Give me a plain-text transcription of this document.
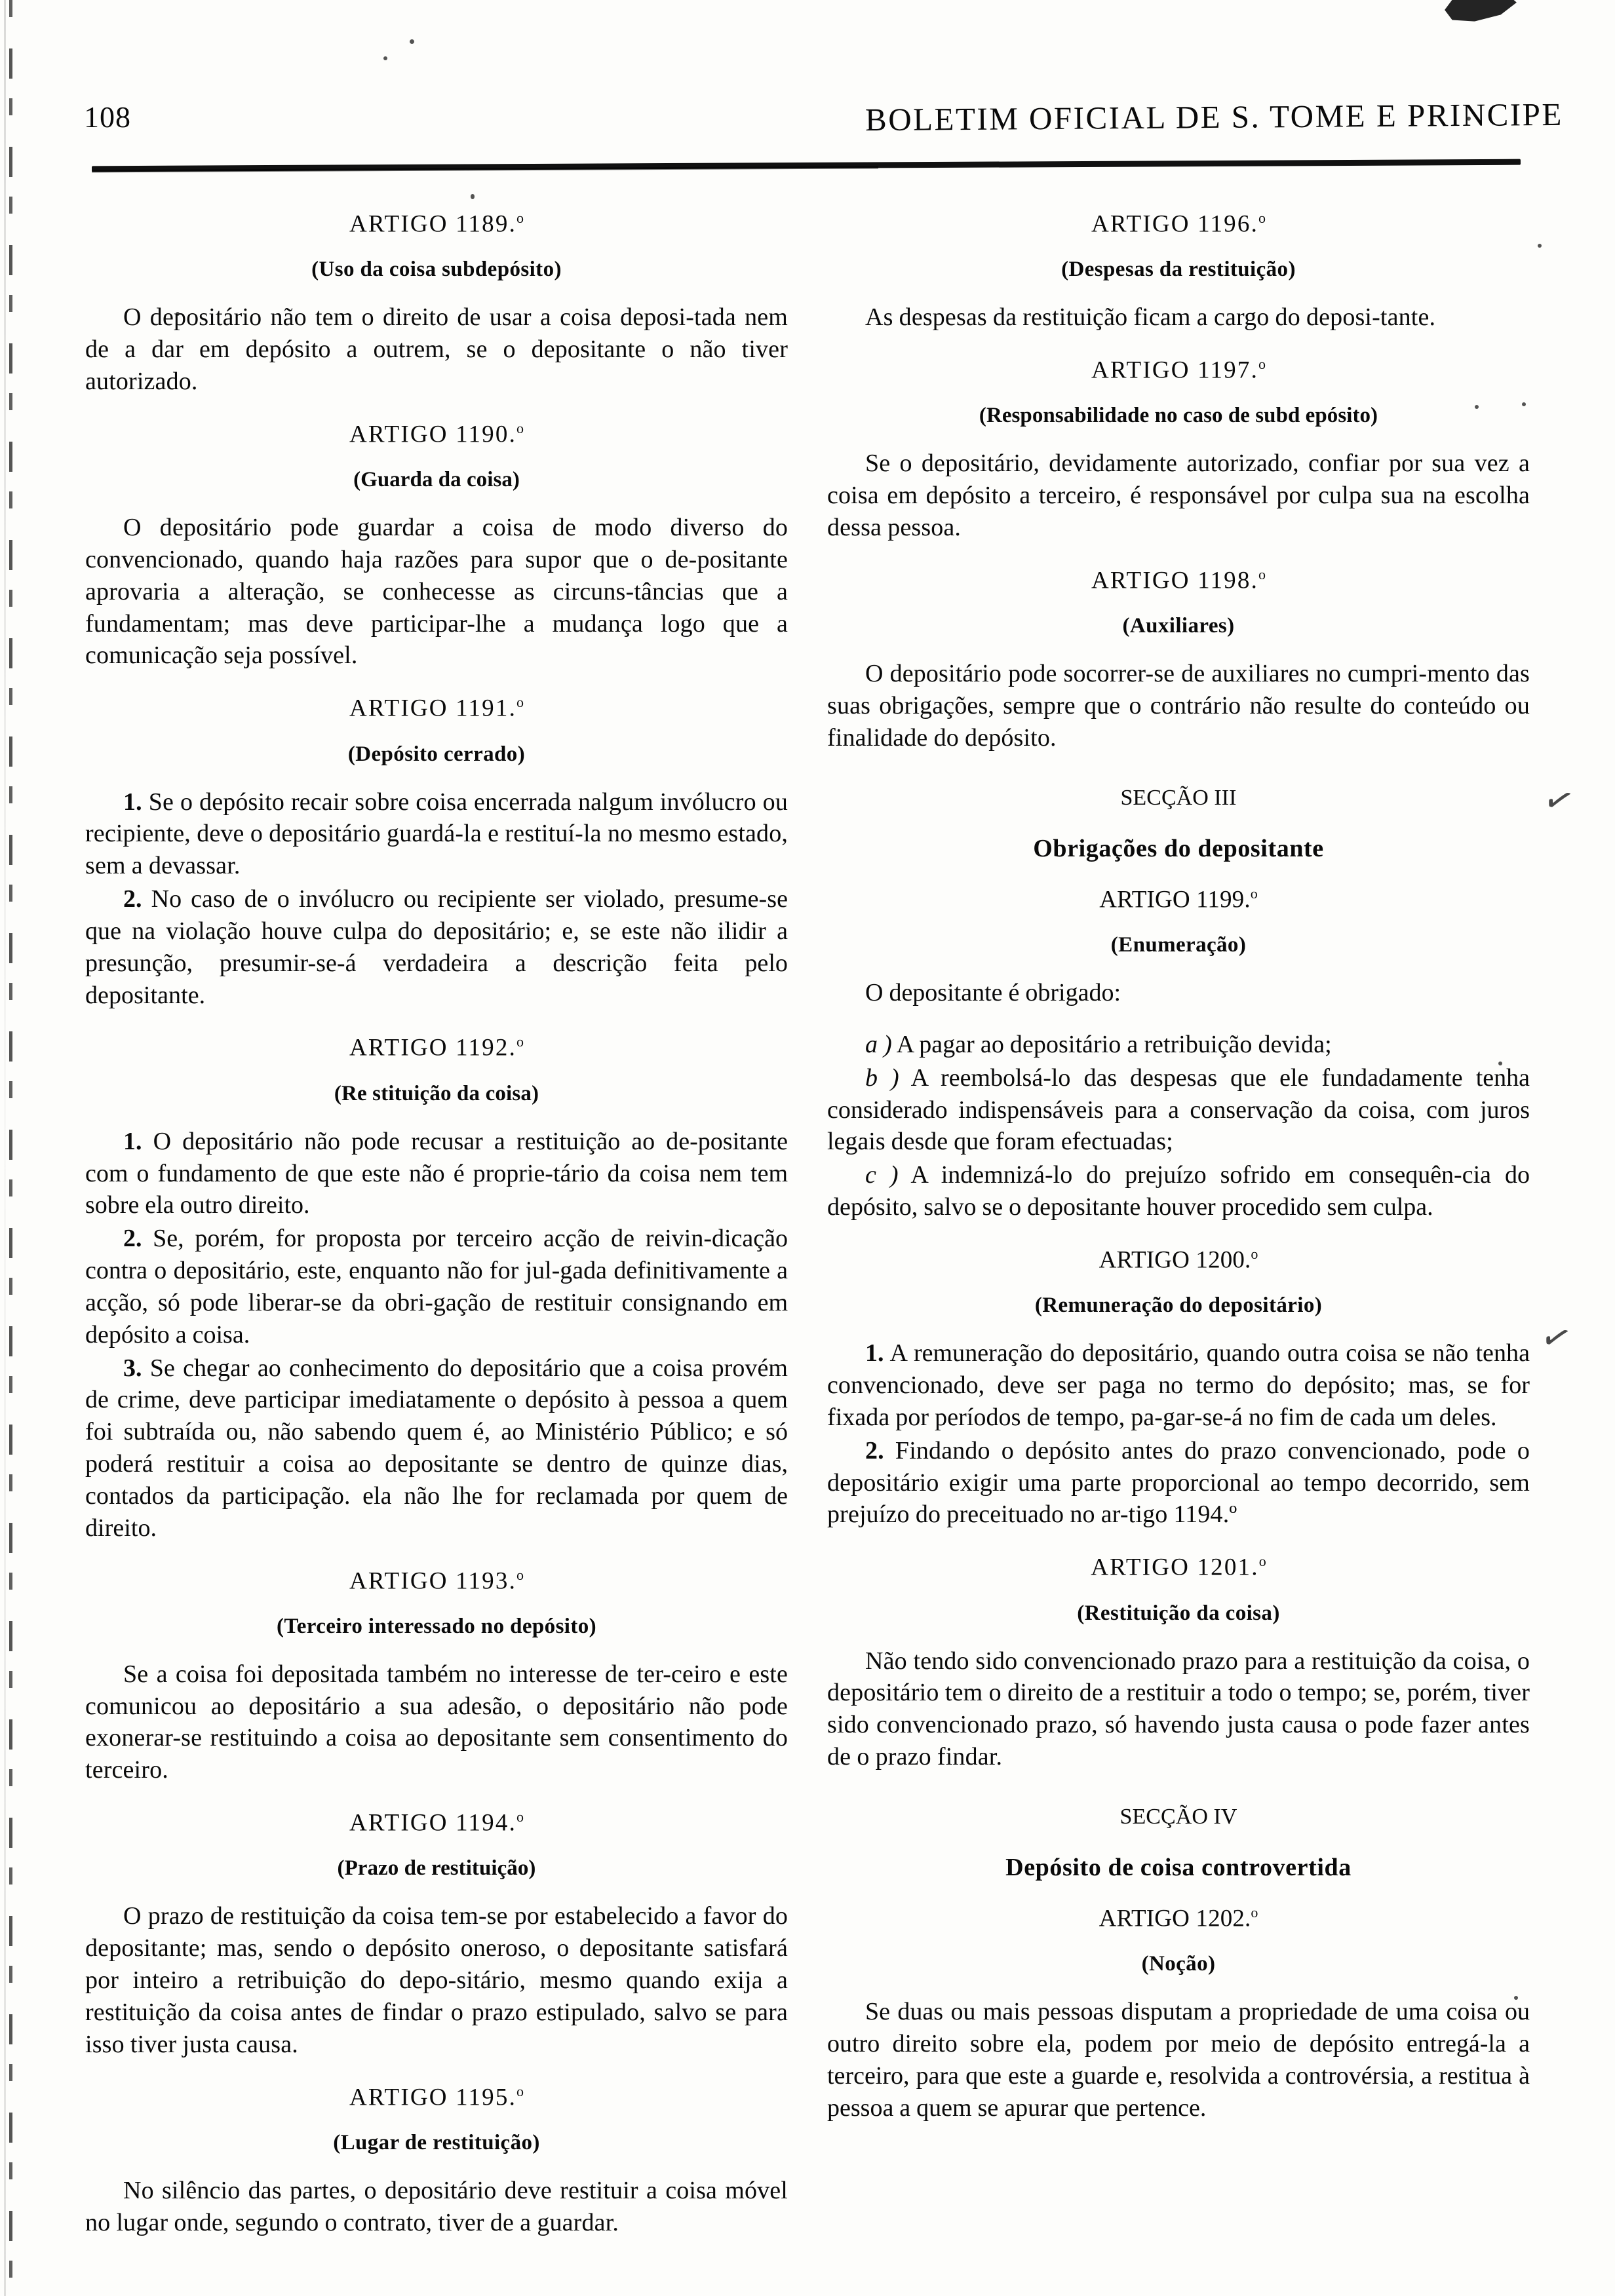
108	BOLETIM OFICIAL DE S. TOME E PRINCIPE
✓
✓
ARTIGO 1189.$^o$
(Uso da coisa subdepósito)

O depositário não tem o direito de usar a coisa deposi-tada nem de a dar em depósito a outrem, se o depositante o não tiver autorizado.

ARTIGO 1190.$^o$
(Guarda da coisa)

O depositário pode guardar a coisa de modo diverso do convencionado, quando haja razões para supor que o de-positante aprovaria a alteração, se conhecesse as circuns-tâncias que a fundamentam; mas deve participar-lhe a mudança logo que a comunicação seja possível.

ARTIGO 1191.$^o$
(Depósito cerrado)

1. Se o depósito recair sobre coisa encerrada nalgum invólucro ou recipiente, deve o depositário guardá-la e restituí-la no mesmo estado, sem a devassar.

2. No caso de o invólucro ou recipiente ser violado, presume-se que na violação houve culpa do depositário; e, se este não ilidir a presunção, presumir-se-á verdadeira a descrição feita pelo depositante.

ARTIGO 1192.$^o$
(Re stituição da coisa)

1. O depositário não pode recusar a restituição ao de-positante com o fundamento de que este não é proprie-tário da coisa nem tem sobre ela outro direito.

2. Se, porém, for proposta por terceiro acção de reivin-dicação contra o depositário, este, enquanto não for jul-gada definitivamente a acção, só pode liberar-se da obri-gação de restituir consignando em depósito a coisa.

3. Se chegar ao conhecimento do depositário que a coisa provém de crime, deve participar imediatamente o depósito à pessoa a quem foi subtraída ou, não sabendo quem é, ao Ministério Público; e só poderá restituir a coisa ao depositante se dentro de quinze dias, contados da participação. ela não lhe for reclamada por quem de direito.

ARTIGO 1193.$^o$
(Terceiro interessado no depósito)

Se a coisa foi depositada também no interesse de ter-ceiro e este comunicou ao depositário a sua adesão, o depositário não pode exonerar-se restituindo a coisa ao depositante sem consentimento do terceiro.

ARTIGO 1194.$^o$
(Prazo de restituição)

O prazo de restituição da coisa tem-se por estabelecido a favor do depositante; mas, sendo o depósito oneroso, o depositante satisfará por inteiro a retribuição do depo-sitário, mesmo quando exija a restituição da coisa antes de findar o prazo estipulado, salvo se para isso tiver justa causa.

ARTIGO 1195.$^o$
(Lugar de restituição)

No silêncio das partes, o depositário deve restituir a coisa móvel no lugar onde, segundo o contrato, tiver de a guardar.

ARTIGO 1196.$^o$
(Despesas da restituição)

As despesas da restituição ficam a cargo do deposi-tante.

ARTIGO 1197.$^o$
(Responsabilidade no caso de subd epósito)

Se o depositário, devidamente autorizado, confiar por sua vez a coisa em depósito a terceiro, é responsável por culpa sua na escolha dessa pessoa.

ARTIGO 1198.$^o$
(Auxiliares)

O depositário pode socorrer-se de auxiliares no cumpri-mento das suas obrigações, sempre que o contrário não resulte do conteúdo ou finalidade do depósito.

SECÇÃO III
Obrigações do depositante
ARTIGO 1199.$^o$
(Enumeração)

O depositante é obrigado:

a ) A pagar ao depositário a retribuição devida;

b ) A reembolsá-lo das despesas que ele fundadamente tenha considerado indispensáveis para a conservação da coisa, com juros legais desde que foram efectuadas;

c ) A indemnizá-lo do prejuízo sofrido em consequên-cia do depósito, salvo se o depositante houver procedido sem culpa.

ARTIGO 1200.$^o$
(Remuneração do depositário)

1. A remuneração do depositário, quando outra coisa se não tenha convencionado, deve ser paga no termo do depósito; mas, se for fixada por períodos de tempo, pa-gar-se-á no fim de cada um deles.

2. Findando o depósito antes do prazo convencionado, pode o depositário exigir uma parte proporcional ao tempo decorrido, sem prejuízo do preceituado no ar-tigo 1194.º

ARTIGO 1201.$^o$
(Restituição da coisa)

Não tendo sido convencionado prazo para a restituição da coisa, o depositário tem o direito de a restituir a todo o tempo; se, porém, tiver sido convencionado prazo, só havendo justa causa o pode fazer antes de o prazo findar.

SECÇÃO IV
Depósito de coisa controvertida
ARTIGO 1202.$^o$
(Noção)

Se duas ou mais pessoas disputam a propriedade de uma coisa ou outro direito sobre ela, podem por meio de depósito entregá-la a terceiro, para que este a guarde e, resolvida a controvérsia, a restitua à pessoa a quem se apurar que pertence.
